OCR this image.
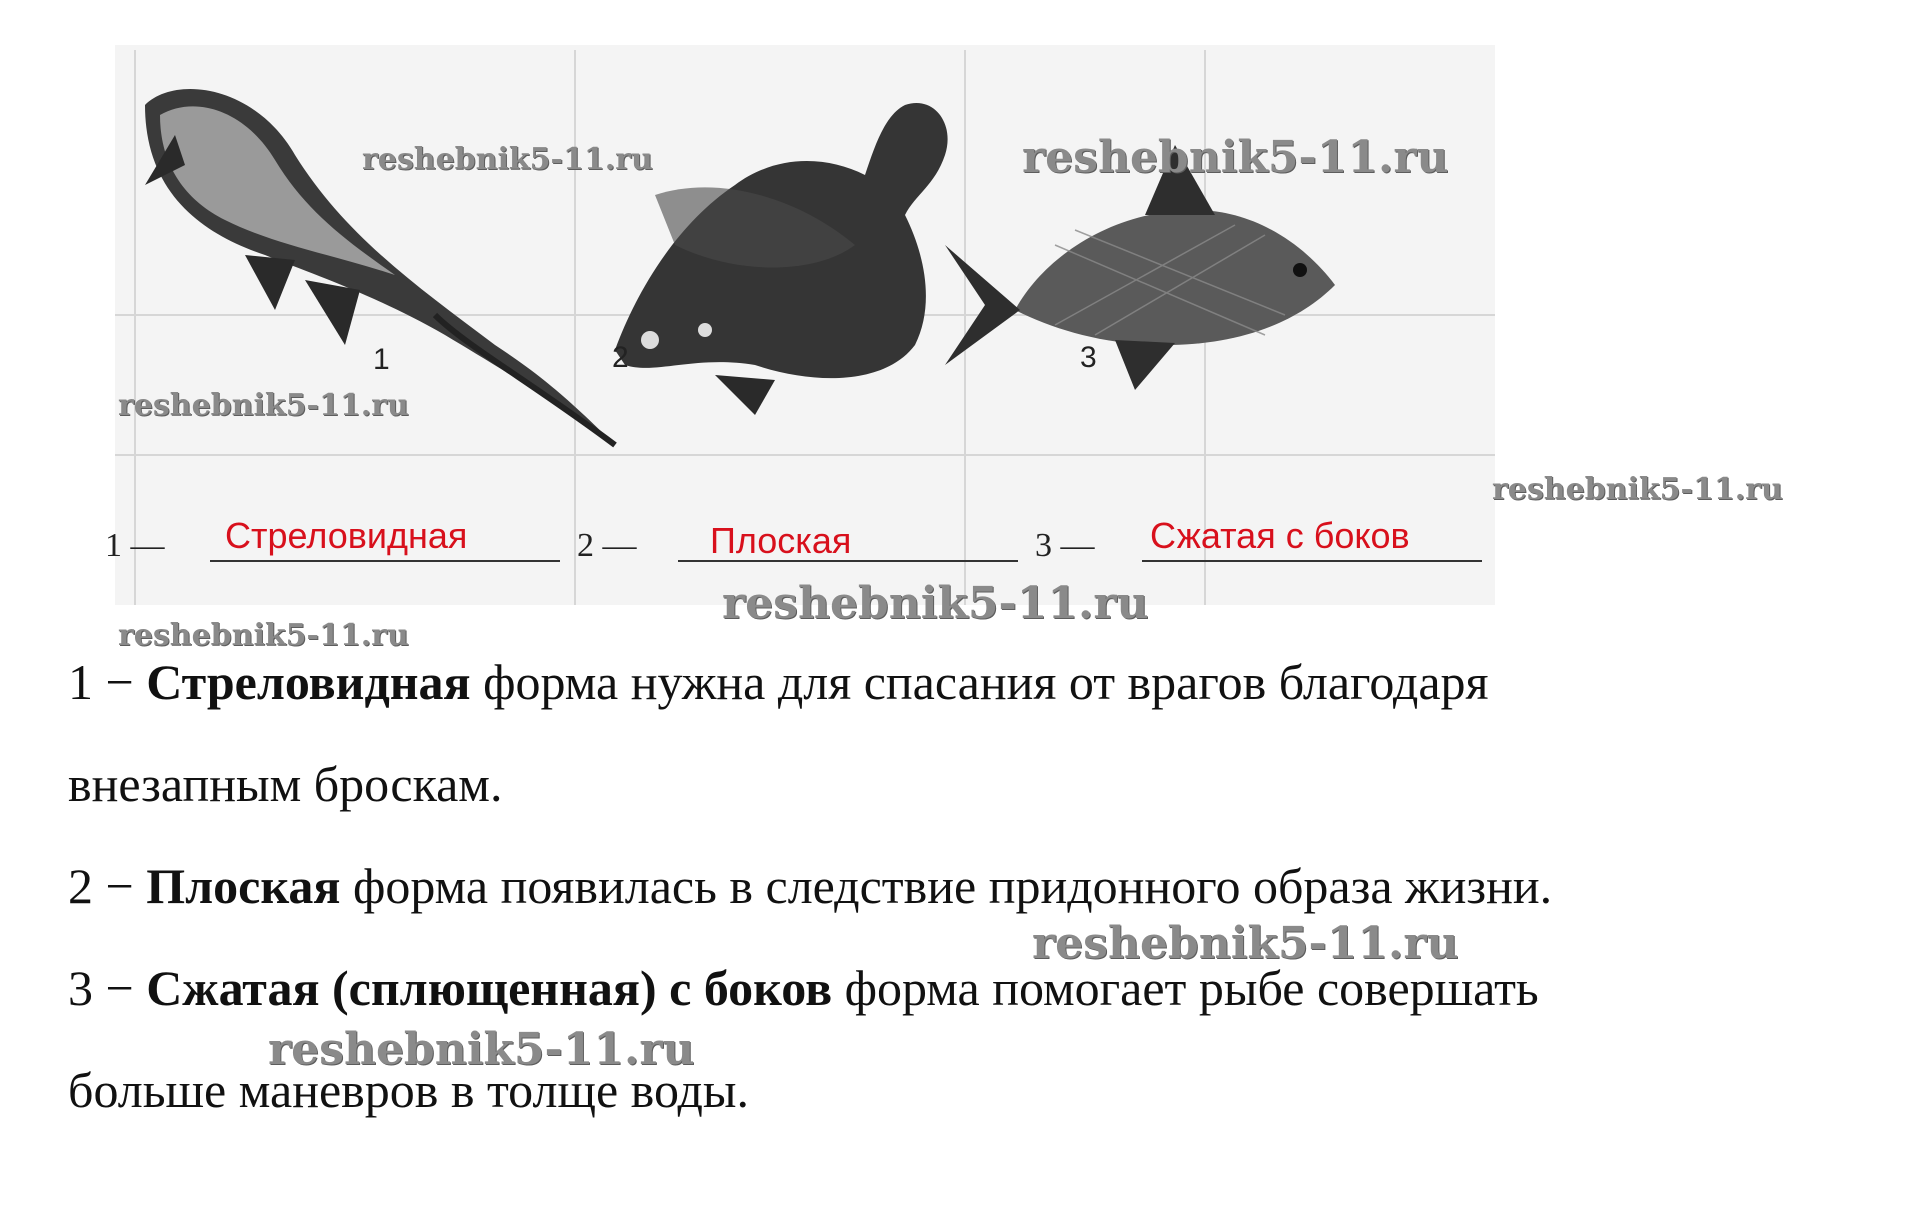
1	2	3
1 — Стреловидная	2 — Плоская	3 — Сжатая с боков
reshebnik5-11.ru	reshebnik5-11.ru
reshebnik5-11.ru
reshebnik5-11.ru
reshebnik5-11.ru
reshebnik5-11.ru
1 − Стреловидная форма нужна для спасания от врагов благодаря
внезапным броскам.
2 − Плоская форма появилась в следствие придонного образа жизни.
3 − Сжатая (сплющенная) с боков форма помогает рыбе совершать
больше маневров в толще воды.
reshebnik5-11.ru
reshebnik5-11.ru
